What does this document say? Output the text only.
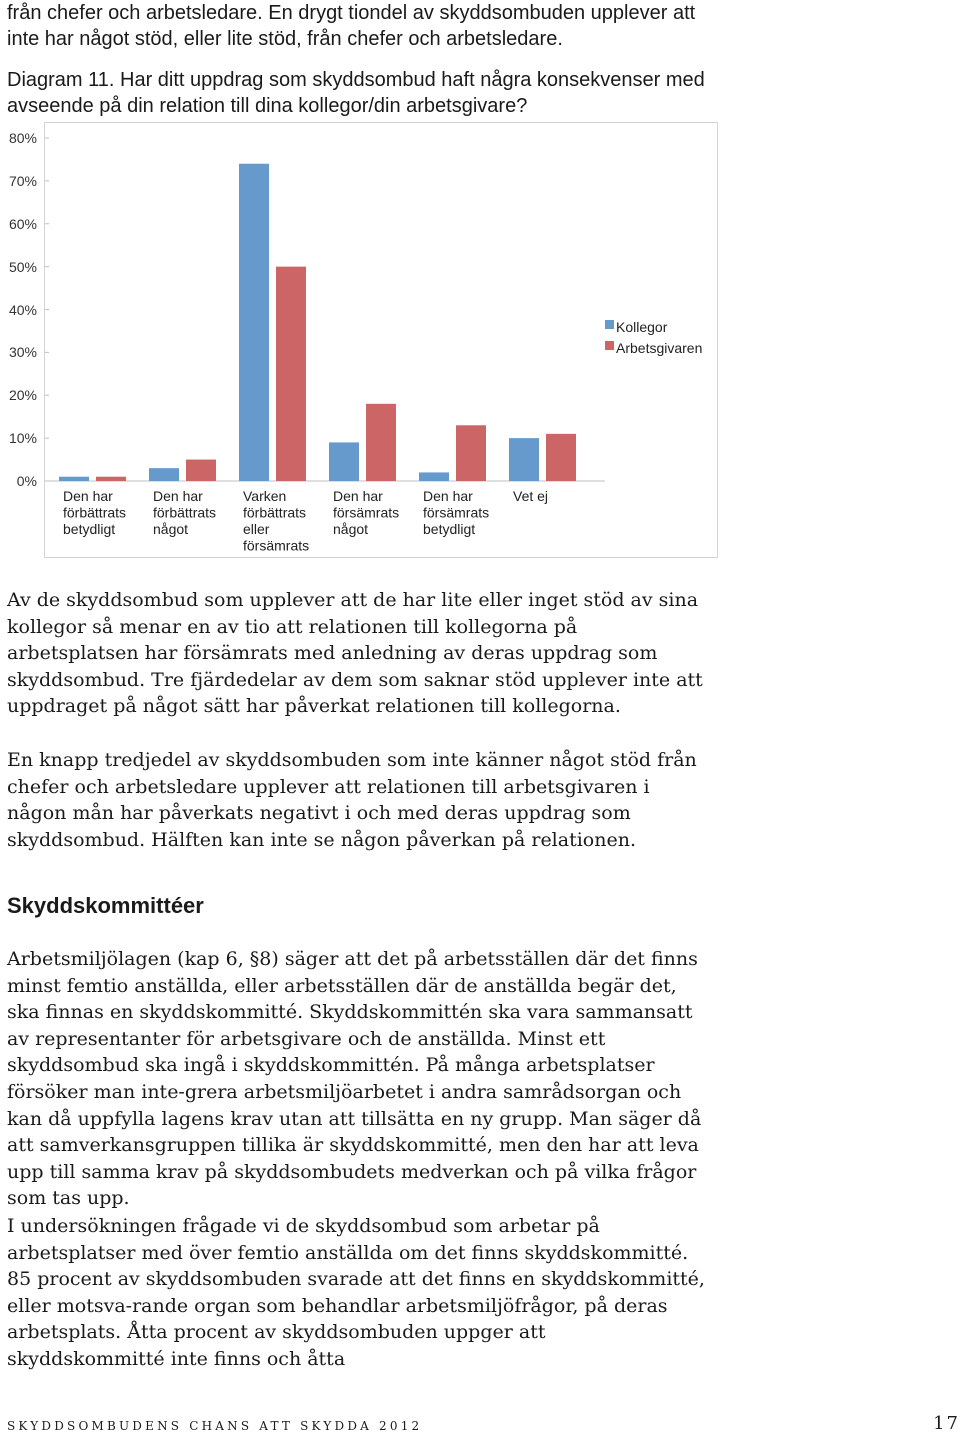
från chefer och arbetsledare. En drygt tiondel av skyddsombuden upplever att inte har något stöd, eller lite stöd, från chefer och arbetsledare.

Diagram 11. Har ditt uppdrag som skyddsombud haft några konsekvenser med avseende på din relation till dina kollegor/din arbetsgivare?

Den har förbättrats betydligt
Den har förbättrats något
Varken förbättrats eller försämrats
Den har försämrats något
Den har försämrats betydligt
Vet ej
Kollegor
Arbetsgivaren
0%
10%
20%
30%
40%
50%
60%
70%
80%

Av de skyddsombud som upplever att de har lite eller inget stöd av sina kollegor så menar en av tio att relationen till kollegorna på arbetsplatsen har försämrats med anledning av deras uppdrag som skyddsombud. Tre fjärdedelar av dem som saknar stöd upplever inte att uppdraget på något sätt har påverkat relationen till kollegorna.

En knapp tredjedel av skyddsombuden som inte känner något stöd från chefer och arbetsledare upplever att relationen till arbetsgivaren i någon mån har påverkats negativt i och med deras uppdrag som skyddsombud. Hälften kan inte se någon påverkan på relationen.

Skyddskommittéer

Arbetsmiljölagen (kap 6, §8) säger att det på arbetsställen där det finns minst femtio anställda, eller arbetsställen där de anställda begär det, ska finnas en skyddskommitté. Skyddskommittén ska vara sammansatt av representanter för arbetsgivare och de anställda. Minst ett skyddsombud ska ingå i skyddskommittén. På många arbetsplatser försöker man inte-grera arbetsmiljöarbetet i andra samrådsorgan och kan då uppfylla lagens krav utan att tillsätta en ny grupp. Man säger då att samverkansgruppen tillika är skyddskommitté, men den har att leva upp till samma krav på skyddsombudets medverkan och på vilka frågor som tas upp.

I undersökningen frågade vi de skyddsombud som arbetar på arbetsplatser med över femtio anställda om det finns skyddskommitté. 85 procent av skyddsombuden svarade att det finns en skyddskommitté, eller motsva-rande organ som behandlar arbetsmiljöfrågor, på deras arbetsplats. Åtta procent av skyddsombuden uppger att skyddskommitté inte finns och åtta

SKYDDSOMBUDENS CHANS ATT SKYDDA 2012	17
